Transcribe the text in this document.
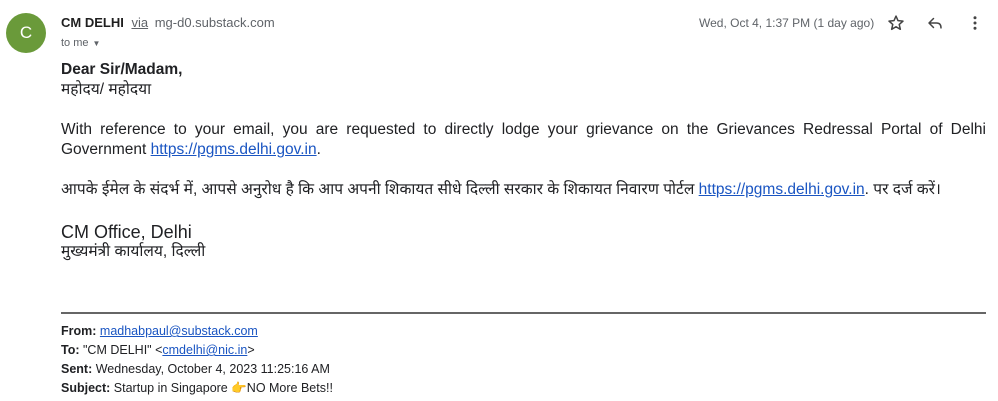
C
CM DELHI via mg-d0.substack.com
to me ▼
Wed, Oct 4, 1:37 PM (1 day ago)
Dear Sir/Madam,
महोदय/ महोदया

With reference to your email, you are requested to directly lodge your grievance on the Grievances Redressal Portal of Delhi Government https://pgms.delhi.gov.in.

आपके ईमेल के संदर्भ में, आपसे अनुरोध है कि आप अपनी शिकायत सीधे दिल्ली सरकार के शिकायत निवारण पोर्टल https://pgms.delhi.gov.in. पर दर्ज करें।

CM Office, Delhi
मुख्यमंत्री कार्यालय, दिल्ली
From: madhabpaul@substack.com
To: "CM DELHI" <cmdelhi@nic.in>
Sent: Wednesday, October 4, 2023 11:25:16 AM
Subject: Startup in Singapore 👉NO More Bets!!
